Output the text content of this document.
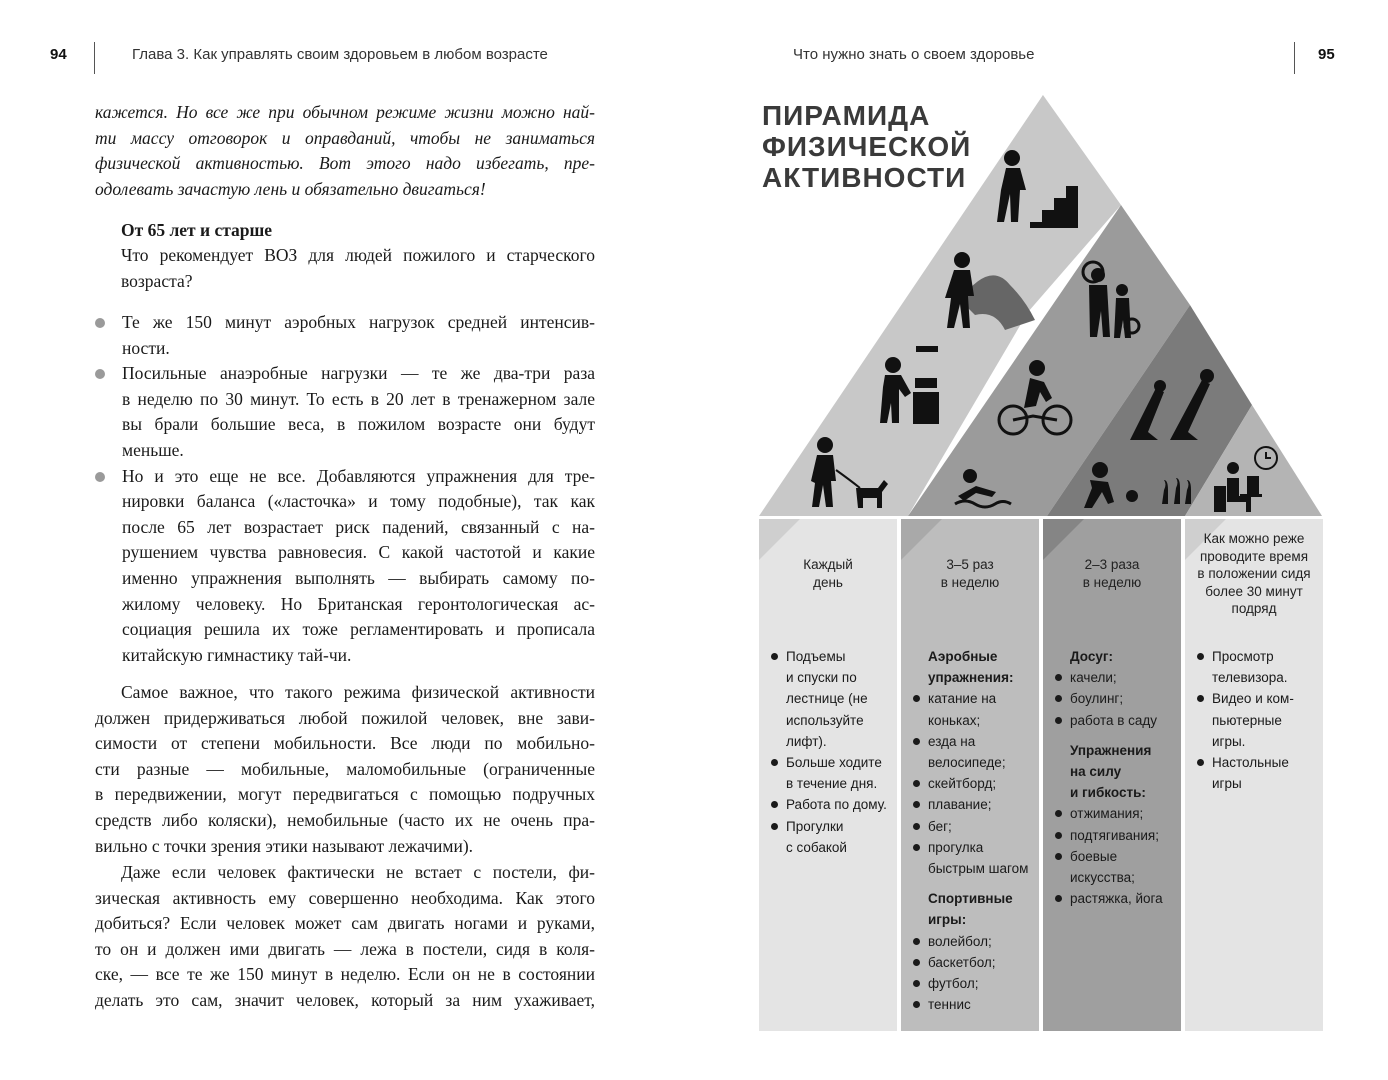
94	Глава 3. Как управлять своим здоровьем в любом возрасте	Что нужно знать о своем здоровье	95
кажется. Но все же при обычном режиме жизни можно най-
ти массу отговорок и оправданий, чтобы не заниматься
физической активностью. Вот этого надо избегать, пре-
одолевать зачастую лень и обязательно двигаться!
От 65 лет и старше
Что рекомендует ВОЗ для людей пожилого и старческого
возраста?
Те же 150 минут аэробных нагрузок средней интенсив-
ности.
Посильные анаэробные нагрузки — те же два-три раза
в неделю по 30 минут. То есть в 20 лет в тренажерном зале
вы брали большие веса, в пожилом возрасте они будут
меньше.
Но и это еще не все. Добавляются упражнения для тре-
нировки баланса («ласточка» и тому подобные), так как
после 65 лет возрастает риск падений, связанный с на-
рушением чувства равновесия. С какой частотой и какие
именно упражнения выполнять — выбирать самому по-
жилому человеку. Но Британская геронтологическая ас-
социация решила их тоже регламентировать и прописала
китайскую гимнастику тай-чи.
Самое важное, что такого режима физической активности
должен придерживаться любой пожилой человек, вне зави-
симости от степени мобильности. Все люди по мобильно-
сти разные — мобильные, маломобильные (ограниченные
в передвижении, могут передвигаться с помощью подручных
средств либо коляски), немобильные (часто их не очень пра-
вильно с точки зрения этики называют лежачими).
Даже если человек фактически не встает с постели, фи-
зическая активность ему совершенно необходима. Как этого
добиться? Если человек может сам двигать ногами и руками,
то он и должен ими двигать — лежа в постели, сидя в коля-
ске, — все те же 150 минут в неделю. Если он не в состоянии
делать это сам, значит человек, который за ним ухаживает,
ПИРАМИДА
ФИЗИЧЕСКОЙ
АКТИВНОСТИ
Каждый
день
Подъемы
и спуски по
лестнице (не
используйте
лифт).
Больше ходите
в течение дня.
Работа по дому.
Прогулки
с собакой
3–5 раз
в неделю
Аэробные
упражнения:
катание на
коньках;
езда на
велосипеде;
скейтборд;
плавание;
бег;
прогулка
быстрым шагом
Спортивные
игры:
волейбол;
баскетбол;
футбол;
теннис
2–3 раза
в неделю
Досуг:
качели;
боулинг;
работа в саду
Упражнения
на силу
и гибкость:
отжимания;
подтягивания;
боевые
искусства;
растяжка, йога
Как можно реже
проводите время
в положении сидя
более 30 минут
подряд
Просмотр
телевизора.
Видео и ком-
пьютерные
игры.
Настольные
игры
